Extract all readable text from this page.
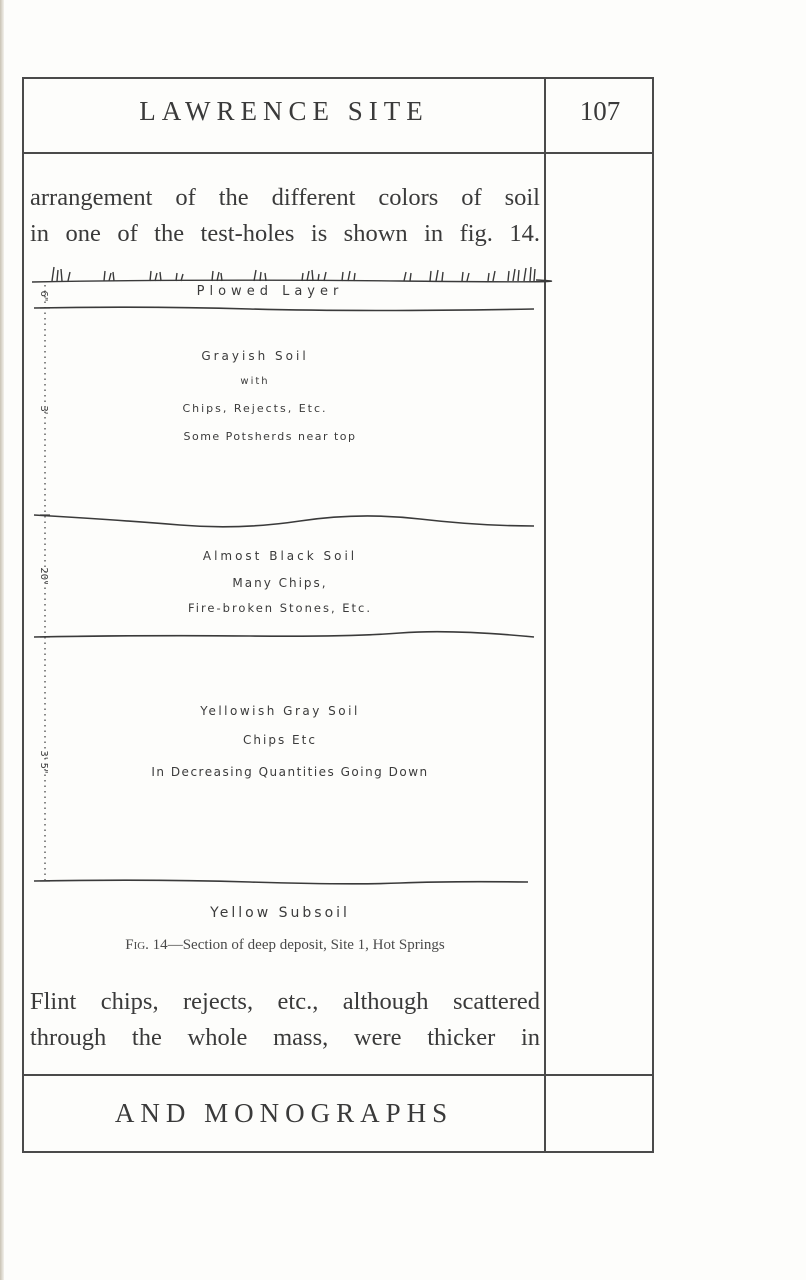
LAWRENCE SITE	107
arrangement of the different colors of soil
in one of the test-holes is shown in fig. 14.
6"
3'
20"
3' 5"
Plowed Layer
Grayish Soil
with
Chips, Rejects, Etc.
Some Potsherds near top
Almost Black Soil
Many Chips,
Fire-broken Stones, Etc.
Yellowish Gray Soil
Chips Etc
In Decreasing Quantities Going Down
Yellow Subsoil
Fig. 14—Section of deep deposit, Site 1, Hot Springs
Flint chips, rejects, etc., although scattered
through the whole mass, were thicker in
AND MONOGRAPHS
